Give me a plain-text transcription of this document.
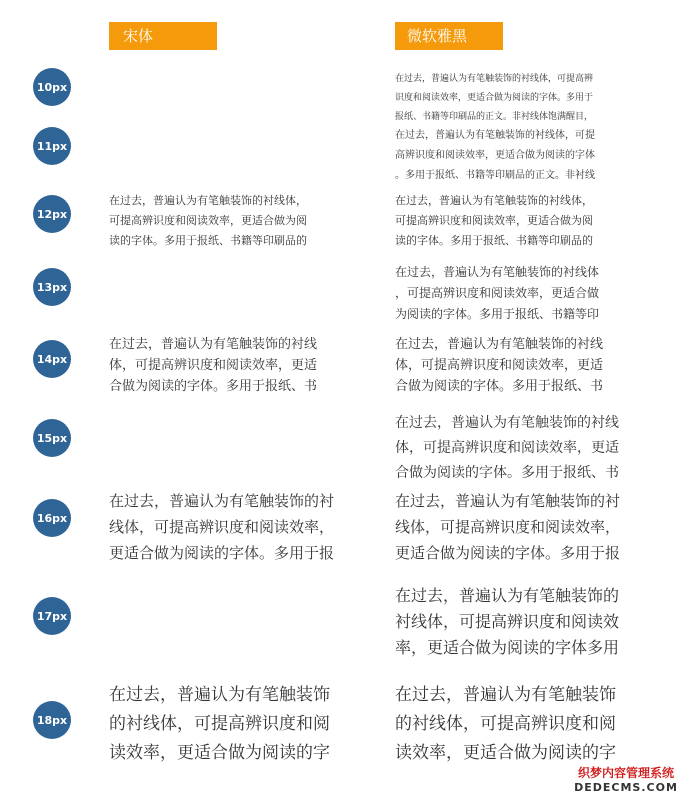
宋体	微软雅黑
10px
在过去，普遍认为有笔触装饰的衬线体，可提高辨
识度和阅读效率，更适合做为阅读的字体。多用于
报纸、书籍等印刷品的正文。非衬线体饱满醒目，
11px
在过去，普遍认为有笔触装饰的衬线体，可提
高辨识度和阅读效率，更适合做为阅读的字体
。多用于报纸、书籍等印刷品的正文。非衬线
12px
在过去，普遍认为有笔触装饰的衬线体，
可提高辨识度和阅读效率，更适合做为阅
读的字体。多用于报纸、书籍等印刷品的
在过去，普遍认为有笔触装饰的衬线体，
可提高辨识度和阅读效率，更适合做为阅
读的字体。多用于报纸、书籍等印刷品的
13px
在过去，普遍认为有笔触装饰的衬线体
，可提高辨识度和阅读效率，更适合做
为阅读的字体。多用于报纸、书籍等印
14px
在过去，普遍认为有笔触装饰的衬线
体，可提高辨识度和阅读效率，更适
合做为阅读的字体。多用于报纸、书
在过去，普遍认为有笔触装饰的衬线
体，可提高辨识度和阅读效率，更适
合做为阅读的字体。多用于报纸、书
15px
在过去，普遍认为有笔触装饰的衬线
体，可提高辨识度和阅读效率，更适
合做为阅读的字体。多用于报纸、书
16px
在过去，普遍认为有笔触装饰的衬
线体，可提高辨识度和阅读效率，
更适合做为阅读的字体。多用于报
在过去，普遍认为有笔触装饰的衬
线体，可提高辨识度和阅读效率，
更适合做为阅读的字体。多用于报
17px
在过去，普遍认为有笔触装饰的
衬线体，可提高辨识度和阅读效
率，更适合做为阅读的字体多用
18px
在过去，普遍认为有笔触装饰
的衬线体，可提高辨识度和阅
读效率，更适合做为阅读的字
在过去，普遍认为有笔触装饰
的衬线体，可提高辨识度和阅
读效率，更适合做为阅读的字
织梦内容管理系统
DEDECMS.COM
